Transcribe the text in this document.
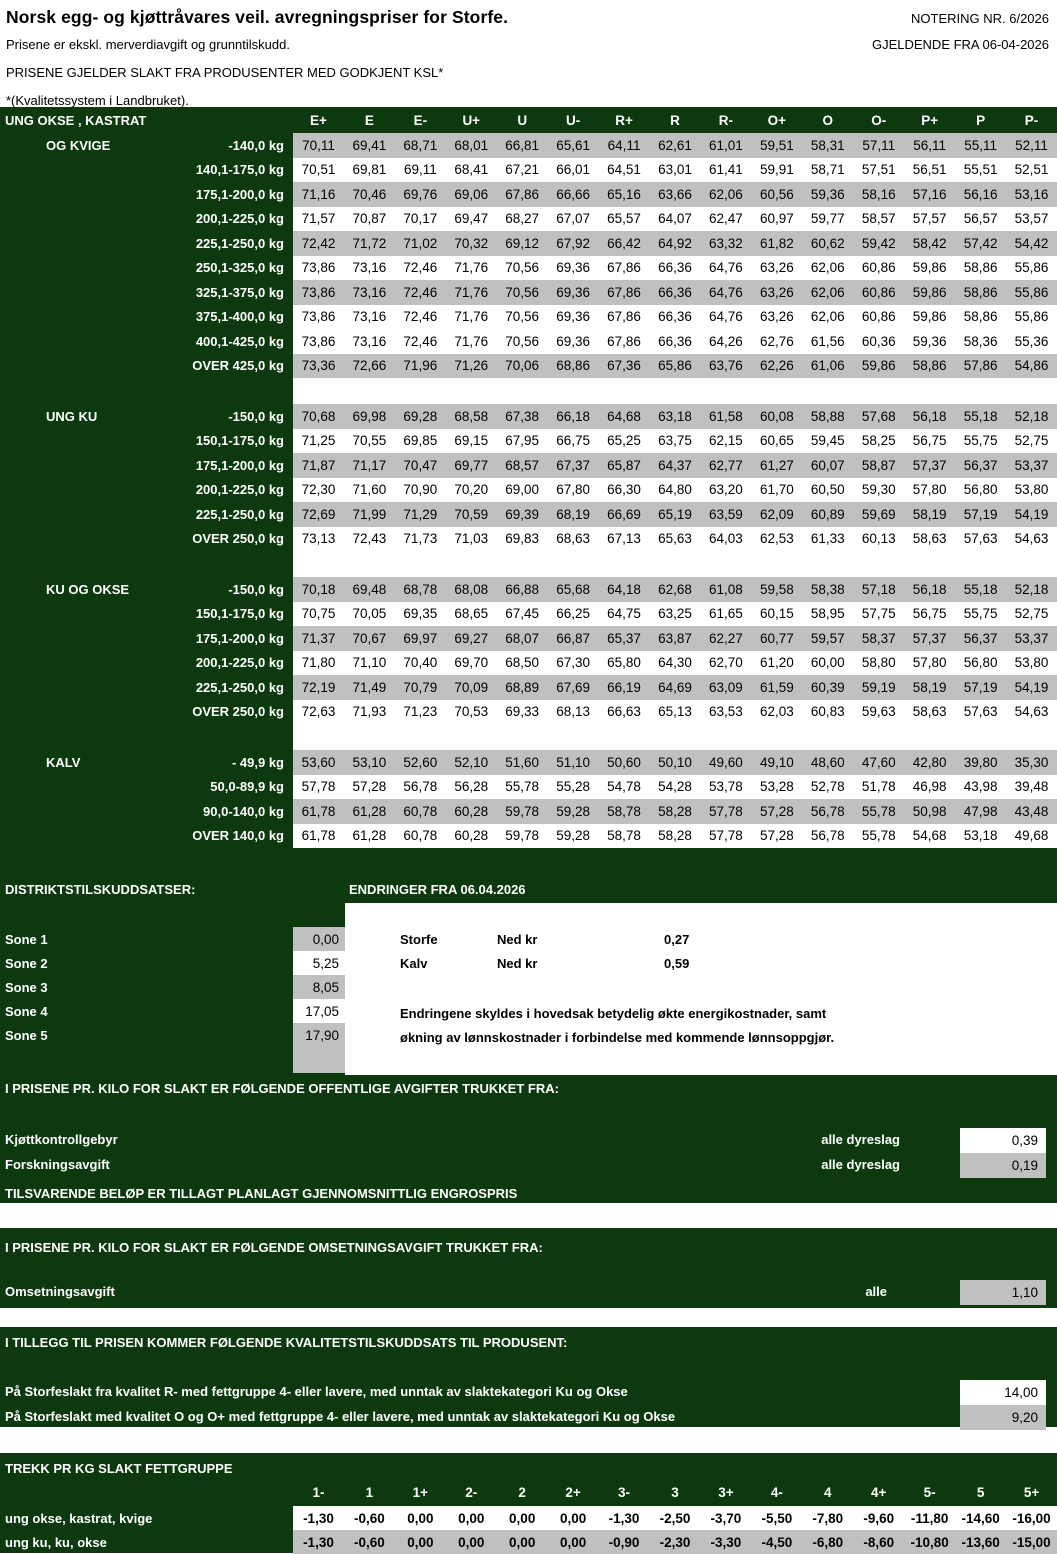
Norsk egg- og kjøttråvares veil. avregningspriser for Storfe.	NOTERING NR. 6/2026
Prisene er ekskl. merverdiavgift og grunntilskudd.	GJELDENDE FRA 06-04-2026
PRISENE GJELDER SLAKT FRA PRODUSENTER MED GODKJENT KSL*
*(Kvalitetssystem i Landbruket).
UNG OKSE , KASTRAT	E+	E	E-	U+	U	U-	R+	R	R-	O+	O	O-	P+	P	P-
OG KVIGE	-140,0 kg	70,11	69,41	68,71	68,01	66,81	65,61	64,11	62,61	61,01	59,51	58,31	57,11	56,11	55,11	52,11
140,1-175,0 kg	70,51	69,81	69,11	68,41	67,21	66,01	64,51	63,01	61,41	59,91	58,71	57,51	56,51	55,51	52,51
175,1-200,0 kg	71,16	70,46	69,76	69,06	67,86	66,66	65,16	63,66	62,06	60,56	59,36	58,16	57,16	56,16	53,16
200,1-225,0 kg	71,57	70,87	70,17	69,47	68,27	67,07	65,57	64,07	62,47	60,97	59,77	58,57	57,57	56,57	53,57
225,1-250,0 kg	72,42	71,72	71,02	70,32	69,12	67,92	66,42	64,92	63,32	61,82	60,62	59,42	58,42	57,42	54,42
250,1-325,0 kg	73,86	73,16	72,46	71,76	70,56	69,36	67,86	66,36	64,76	63,26	62,06	60,86	59,86	58,86	55,86
325,1-375,0 kg	73,86	73,16	72,46	71,76	70,56	69,36	67,86	66,36	64,76	63,26	62,06	60,86	59,86	58,86	55,86
375,1-400,0 kg	73,86	73,16	72,46	71,76	70,56	69,36	67,86	66,36	64,76	63,26	62,06	60,86	59,86	58,86	55,86
400,1-425,0 kg	73,86	73,16	72,46	71,76	70,56	69,36	67,86	66,36	64,26	62,76	61,56	60,36	59,36	58,36	55,36
OVER 425,0 kg	73,36	72,66	71,96	71,26	70,06	68,86	67,36	65,86	63,76	62,26	61,06	59,86	58,86	57,86	54,86
UNG KU	-150,0 kg	70,68	69,98	69,28	68,58	67,38	66,18	64,68	63,18	61,58	60,08	58,88	57,68	56,18	55,18	52,18
150,1-175,0 kg	71,25	70,55	69,85	69,15	67,95	66,75	65,25	63,75	62,15	60,65	59,45	58,25	56,75	55,75	52,75
175,1-200,0 kg	71,87	71,17	70,47	69,77	68,57	67,37	65,87	64,37	62,77	61,27	60,07	58,87	57,37	56,37	53,37
200,1-225,0 kg	72,30	71,60	70,90	70,20	69,00	67,80	66,30	64,80	63,20	61,70	60,50	59,30	57,80	56,80	53,80
225,1-250,0 kg	72,69	71,99	71,29	70,59	69,39	68,19	66,69	65,19	63,59	62,09	60,89	59,69	58,19	57,19	54,19
OVER 250,0 kg	73,13	72,43	71,73	71,03	69,83	68,63	67,13	65,63	64,03	62,53	61,33	60,13	58,63	57,63	54,63
KU OG OKSE	-150,0 kg	70,18	69,48	68,78	68,08	66,88	65,68	64,18	62,68	61,08	59,58	58,38	57,18	56,18	55,18	52,18
150,1-175,0 kg	70,75	70,05	69,35	68,65	67,45	66,25	64,75	63,25	61,65	60,15	58,95	57,75	56,75	55,75	52,75
175,1-200,0 kg	71,37	70,67	69,97	69,27	68,07	66,87	65,37	63,87	62,27	60,77	59,57	58,37	57,37	56,37	53,37
200,1-225,0 kg	71,80	71,10	70,40	69,70	68,50	67,30	65,80	64,30	62,70	61,20	60,00	58,80	57,80	56,80	53,80
225,1-250,0 kg	72,19	71,49	70,79	70,09	68,89	67,69	66,19	64,69	63,09	61,59	60,39	59,19	58,19	57,19	54,19
OVER 250,0 kg	72,63	71,93	71,23	70,53	69,33	68,13	66,63	65,13	63,53	62,03	60,83	59,63	58,63	57,63	54,63
KALV	- 49,9 kg	53,60	53,10	52,60	52,10	51,60	51,10	50,60	50,10	49,60	49,10	48,60	47,60	42,80	39,80	35,30
50,0-89,9 kg	57,78	57,28	56,78	56,28	55,78	55,28	54,78	54,28	53,78	53,28	52,78	51,78	46,98	43,98	39,48
90,0-140,0 kg	61,78	61,28	60,78	60,28	59,78	59,28	58,78	58,28	57,78	57,28	56,78	55,78	50,98	47,98	43,48
OVER 140,0 kg	61,78	61,28	60,78	60,28	59,78	59,28	58,78	58,28	57,78	57,28	56,78	55,78	54,68	53,18	49,68
DISTRIKTSTILSKUDDSATSER:	ENDRINGER FRA 06.04.2026
Sone 1	0,00
Sone 2	5,25
Sone 3	8,05
Sone 4	17,05
Sone 5	17,90
Storfe	Ned kr	0,27
Kalv	Ned kr	0,59
Endringene skyldes i hovedsak betydelig økte energikostnader, samt
økning av lønnskostnader i forbindelse med kommende lønnsoppgjør.
I PRISENE PR. KILO FOR SLAKT ER FØLGENDE OFFENTLIGE AVGIFTER TRUKKET FRA:
Kjøttkontrollgebyr	alle dyreslag	0,39
Forskningsavgift	alle dyreslag	0,19
TILSVARENDE BELØP ER TILLAGT PLANLAGT GJENNOMSNITTLIG ENGROSPRIS
I PRISENE PR. KILO FOR SLAKT ER FØLGENDE OMSETNINGSAVGIFT TRUKKET FRA:
Omsetningsavgift	alle	1,10
I TILLEGG TIL PRISEN KOMMER FØLGENDE KVALITETSTILSKUDDSATS TIL PRODUSENT:
På Storfeslakt fra kvalitet R- med fettgruppe 4- eller lavere, med unntak av slaktekategori Ku og Okse	14,00
På Storfeslakt med kvalitet O og O+ med fettgruppe 4- eller lavere, med unntak av slaktekategori Ku og Okse	9,20
TREKK PR KG SLAKT FETTGRUPPE
1-	1	1+	2-	2	2+	3-	3	3+	4-	4	4+	5-	5	5+
ung okse, kastrat, kvige	-1,30	-0,60	0,00	0,00	0,00	0,00	-1,30	-2,50	-3,70	-5,50	-7,80	-9,60	-11,80 -14,60 -16,00
ung ku, ku, okse	-1,30	-0,60	0,00	0,00	0,00	0,00	-0,90	-2,30	-3,30	-4,50	-6,80	-8,60	-10,80 -13,60 -15,00
